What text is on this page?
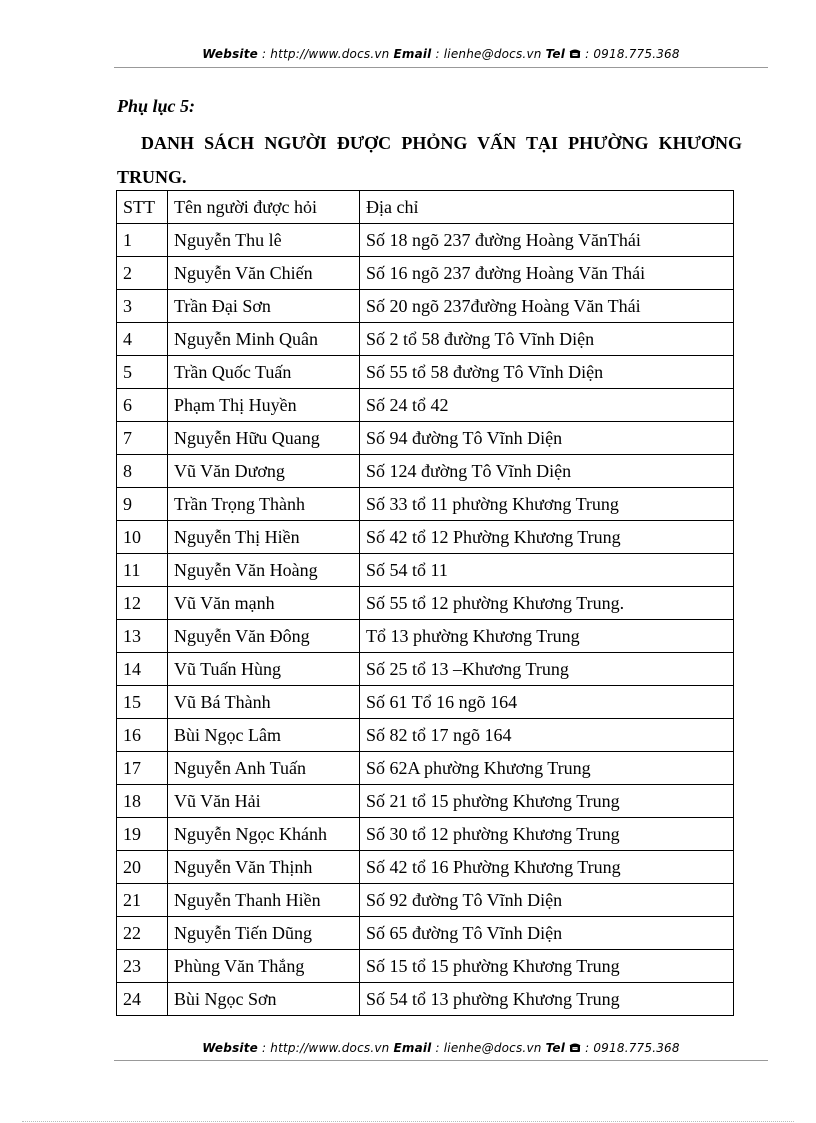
Website : http://www.docs.vn Email : lienhe@docs.vn Tel  : 0918.775.368
Phụ lục 5:
DANH SÁCH NGƯỜI ĐƯỢC PHỎNG VẤN TẠI PHƯỜNG KHƯƠNG TRUNG.
STT	Tên người được hỏi	Địa chỉ
1	Nguyễn Thu lê	Số 18 ngõ 237 đường Hoàng VănThái
2	Nguyễn Văn Chiến	Số 16 ngõ 237 đường Hoàng Văn Thái
3	Trần Đại Sơn	Số 20 ngõ 237đường Hoàng Văn Thái
4	Nguyễn Minh Quân	Số 2 tổ 58 đường Tô Vĩnh Diện
5	Trần Quốc Tuấn	Số 55 tổ 58 đường Tô Vĩnh Diện
6	Phạm Thị Huyền	Số 24 tổ 42
7	Nguyễn Hữu Quang	Số 94 đường Tô Vĩnh Diện
8	Vũ Văn Dương	Số 124 đường Tô Vĩnh Diện
9	Trần Trọng Thành	Số 33 tổ 11 phường Khương Trung
10	Nguyễn Thị Hiền	Số 42 tổ 12 Phường Khương Trung
11	Nguyễn Văn Hoàng	Số 54 tổ 11
12	Vũ Văn mạnh	Số 55 tổ 12 phường Khương Trung.
13	Nguyễn Văn Đông	Tổ 13 phường Khương Trung
14	Vũ Tuấn Hùng	Số 25 tổ 13 –Khương Trung
15	Vũ Bá Thành	Số 61 Tổ 16 ngõ 164
16	Bùi Ngọc Lâm	Số 82 tổ 17 ngõ 164
17	Nguyễn Anh Tuấn	Số 62A phường Khương Trung
18	Vũ Văn Hải	Số 21 tổ 15 phường Khương Trung
19	Nguyễn Ngọc Khánh	Số 30 tổ 12 phường Khương Trung
20	Nguyễn Văn Thịnh	Số 42 tổ 16 Phường Khương Trung
21	Nguyễn Thanh Hiền	Số 92 đường Tô Vĩnh Diện
22	Nguyễn Tiến Dũng	Số 65 đường Tô Vĩnh Diện
23	Phùng Văn Thắng	Số 15 tổ 15 phường Khương Trung
24	Bùi Ngọc Sơn	Số 54 tổ 13 phường Khương Trung
Website : http://www.docs.vn Email : lienhe@docs.vn Tel  : 0918.775.368
